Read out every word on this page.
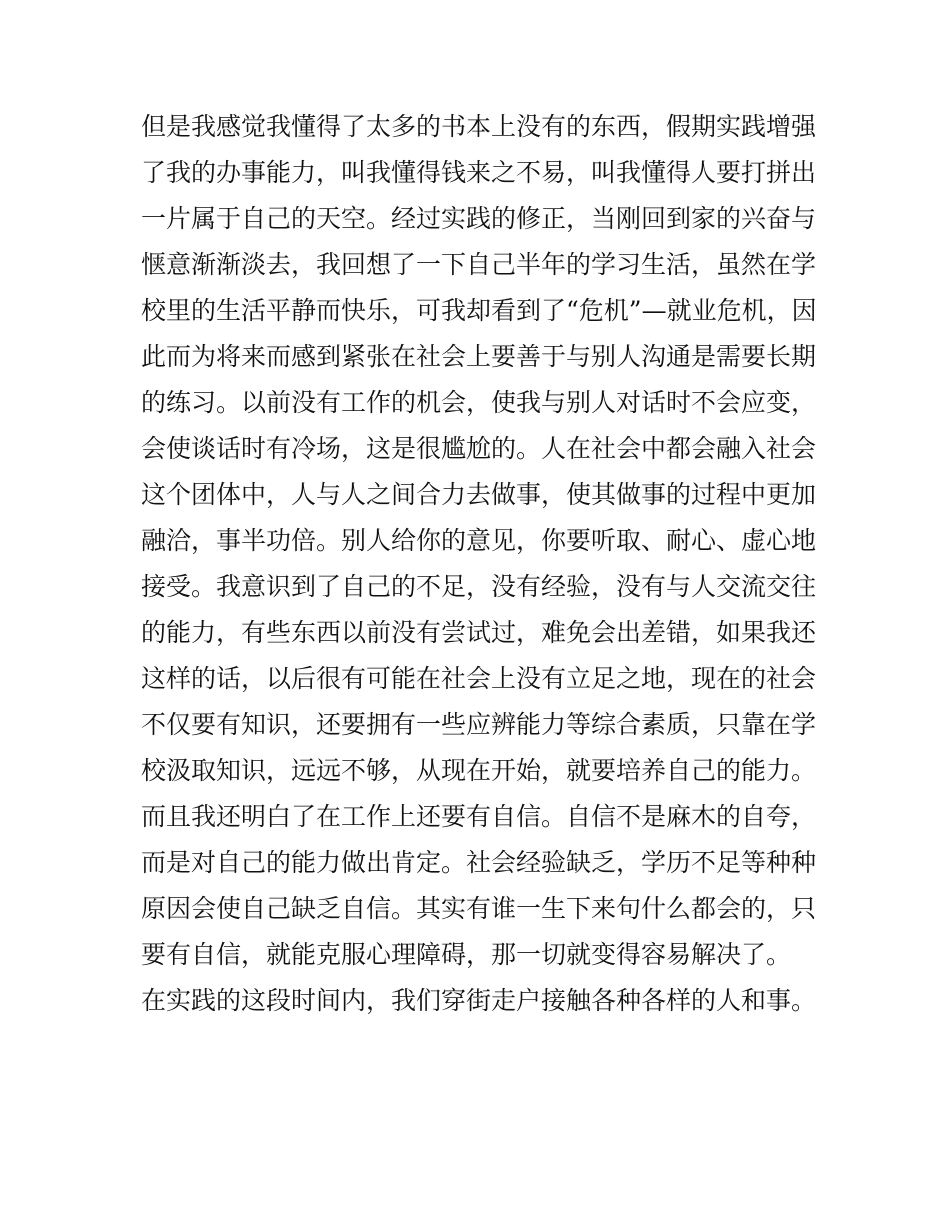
但是我感觉我懂得了太多的书本上没有的东西，假期实践增强
了我的办事能力，叫我懂得钱来之不易，叫我懂得人要打拼出
一片属于自己的天空。经过实践的修正，当刚回到家的兴奋与
惬意渐渐淡去，我回想了一下自己半年的学习生活，虽然在学
校里的生活平静而快乐，可我却看到了“危机”—就业危机，因
此而为将来而感到紧张在社会上要善于与别人沟通是需要长期
的练习。以前没有工作的机会，使我与别人对话时不会应变，
会使谈话时有冷场，这是很尴尬的。人在社会中都会融入社会
这个团体中，人与人之间合力去做事，使其做事的过程中更加
融洽，事半功倍。别人给你的意见，你要听取、耐心、虚心地
接受。我意识到了自己的不足，没有经验，没有与人交流交往
的能力，有些东西以前没有尝试过，难免会出差错，如果我还
这样的话，以后很有可能在社会上没有立足之地，现在的社会
不仅要有知识，还要拥有一些应辨能力等综合素质，只靠在学
校汲取知识，远远不够，从现在开始，就要培养自己的能力。
而且我还明白了在工作上还要有自信。自信不是麻木的自夸，
而是对自己的能力做出肯定。社会经验缺乏，学历不足等种种
原因会使自己缺乏自信。其实有谁一生下来句什么都会的，只
要有自信，就能克服心理障碍，那一切就变得容易解决了。
在实践的这段时间内，我们穿街走户接触各种各样的人和事。
